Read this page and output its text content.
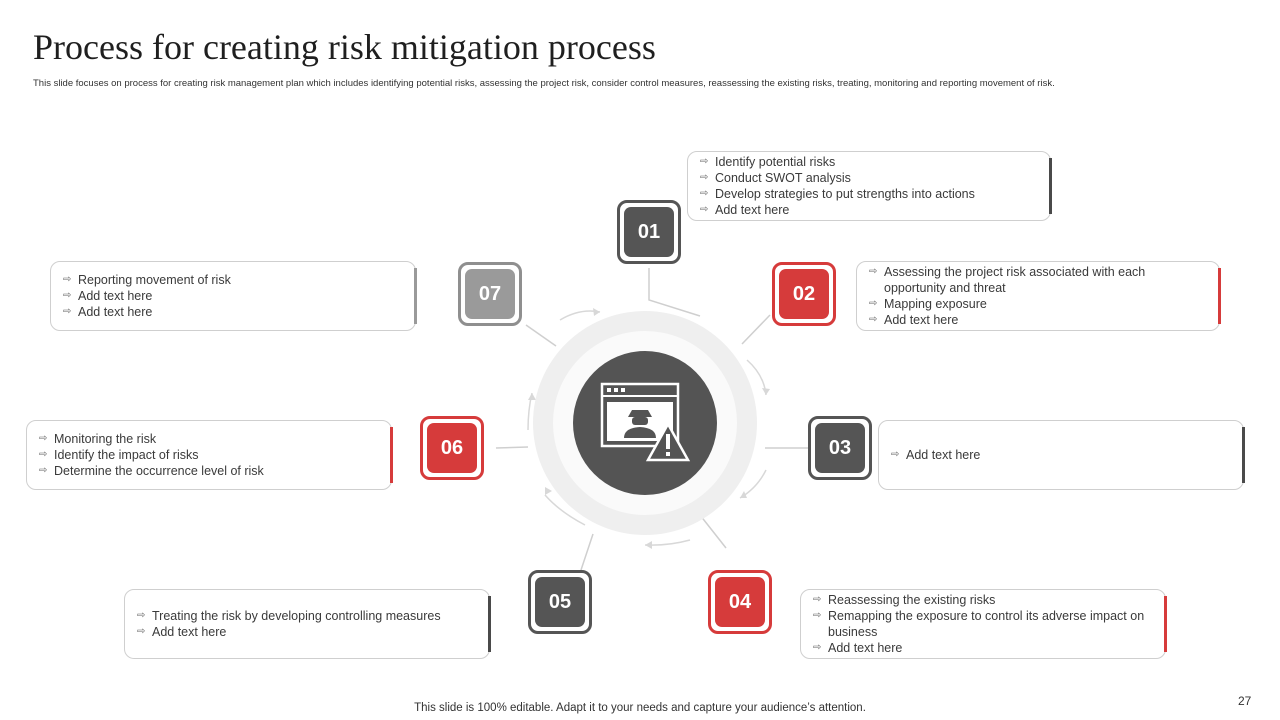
Process for creating risk mitigation process
This slide focuses on process for creating risk management plan which includes identifying potential risks, assessing the project risk, consider control measures, reassessing the existing risks, treating, monitoring and reporting movement of risk.
01
02
03
04
05
06
07
⇨ Identify potential risks
⇨ Conduct SWOT analysis
⇨ Develop strategies to put strengths into actions
⇨ Add text here
⇨ Assessing the project risk associated with each opportunity and threat
⇨ Mapping exposure
⇨ Add text here
⇨ Add text here
⇨ Reassessing the existing risks
⇨ Remapping the exposure to control its adverse impact on business
⇨ Add text here
⇨ Treating the risk by developing controlling measures
⇨ Add text here
⇨ Monitoring the risk
⇨ Identify the impact of risks
⇨ Determine the occurrence level of risk
⇨ Reporting movement of risk
⇨ Add text here
⇨ Add text here
This slide is 100% editable. Adapt it to your needs and capture your audience’s attention.	27
